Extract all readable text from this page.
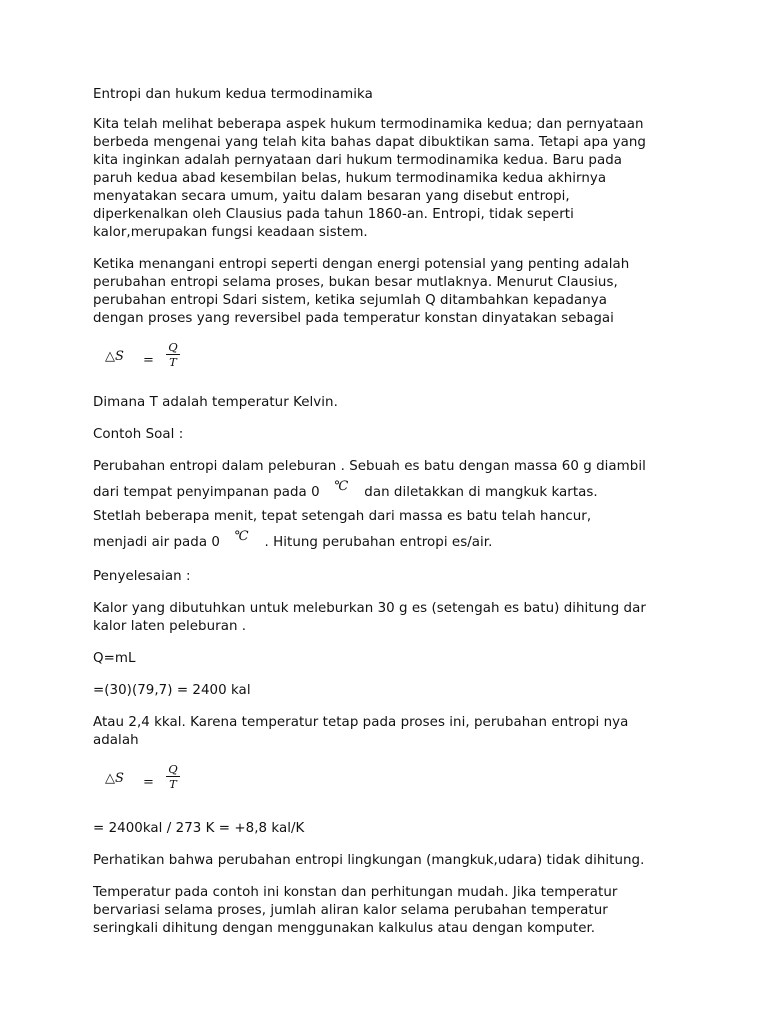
Entropi dan hukum kedua termodinamika
Kita telah melihat beberapa aspek hukum termodinamika kedua; dan pernyataan
berbeda mengenai yang telah kita bahas dapat dibuktikan sama. Tetapi apa yang
kita inginkan adalah pernyataan dari hukum termodinamika kedua. Baru pada
paruh kedua abad kesembilan belas, hukum termodinamika kedua akhirnya
menyatakan secara umum, yaitu dalam besaran yang disebut entropi,
diperkenalkan oleh Clausius pada tahun 1860-an. Entropi, tidak seperti
kalor,merupakan fungsi keadaan sistem.
Ketika menangani entropi seperti dengan energi potensial yang penting adalah
perubahan entropi selama proses, bukan besar mutlaknya. Menurut Clausius,
perubahan entropi Sdari sistem, ketika sejumlah Q ditambahkan kepadanya
dengan proses yang reversibel pada temperatur konstan dinyatakan sebagai
△S =
Q
T
Dimana T adalah temperatur Kelvin.
Contoh Soal :
Perubahan entropi dalam peleburan . Sebuah es batu dengan massa 60 g diambil
dari tempat penyimpanan pada 0 ℃ dan diletakkan di mangkuk kartas.
Stetlah beberapa menit, tepat setengah dari massa es batu telah hancur,
menjadi air pada 0 ℃ . Hitung perubahan entropi es/air.
Penyelesaian :
Kalor yang dibutuhkan untuk meleburkan 30 g es (setengah es batu) dihitung dar
kalor laten peleburan .
Q=mL
=(30)(79,7) = 2400 kal
Atau 2,4 kkal. Karena temperatur tetap pada proses ini, perubahan entropi nya
adalah
△S =
Q
T
= 2400kal / 273 K = +8,8 kal/K
Perhatikan bahwa perubahan entropi lingkungan (mangkuk,udara) tidak dihitung.
Temperatur pada contoh ini konstan dan perhitungan mudah. Jika temperatur
bervariasi selama proses, jumlah aliran kalor selama perubahan temperatur
seringkali dihitung dengan menggunakan kalkulus atau dengan komputer.
